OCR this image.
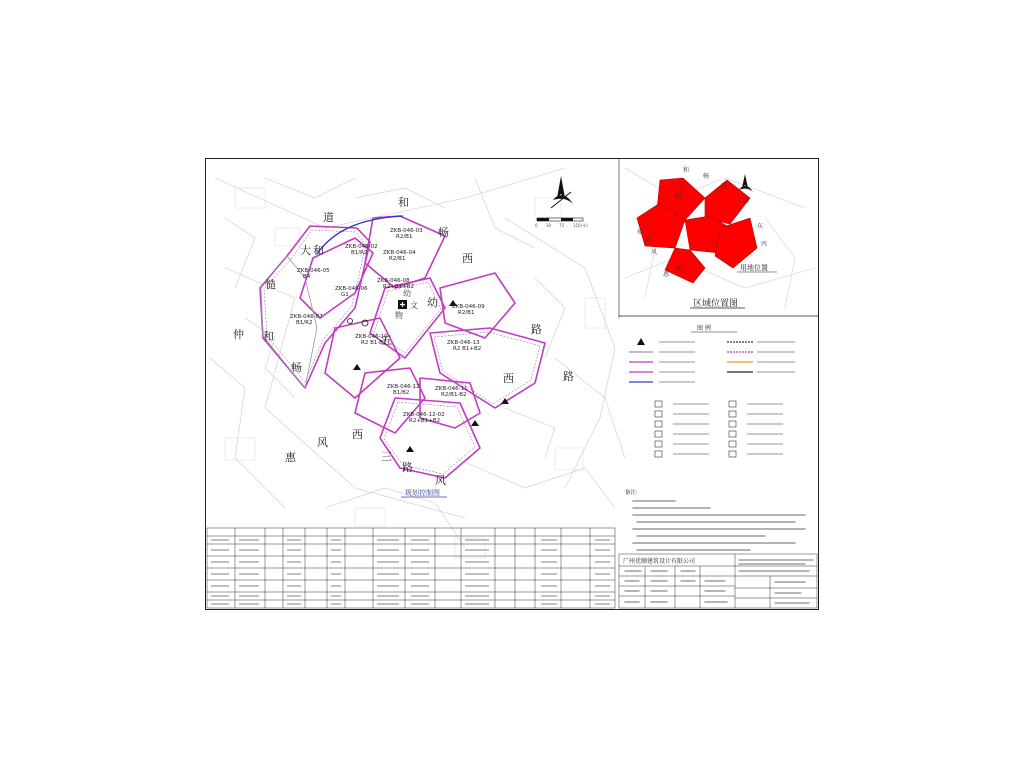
道
和
畅
大 和
西
慥
仲 和
畅
路
五
西	路
幼
风
西
惠	三
路
风
ZKB-046-03
R2/B1
ZKB-046-02
B1/R2	ZKB-046-04
R2/B1
ZKB-046-05
B4
ZKB-046-06
G1
ZKB-046-08
R2+B1+B2
ZKB-046-09
R2/B1
ZKB-046-07
B1/R2
ZKB-046-13
R2 B1+B2
ZKB-046-10
R2 B1-B2
ZKB-046-11
R2/B1-B2
ZKB-046-12
B1/B2
ZKB-046-12-02
R2+B1+B2
文
物
幼
0 30 75 150(米)
规划控制图
和
畅
西
路
大
和
仲
东
风
西
三
惠
风
丙
用地位置
区域位置图
图 例
备注:
广州优顺建筑设计有限公司
